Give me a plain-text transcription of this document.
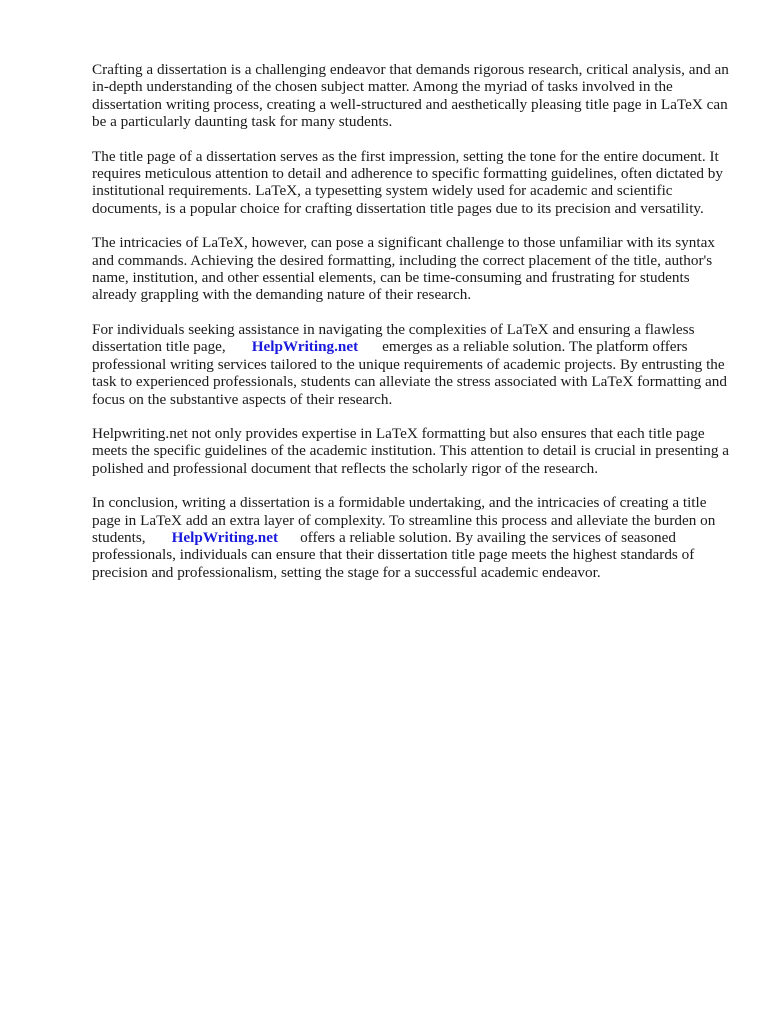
Crafting a dissertation is a challenging endeavor that demands rigorous research, critical analysis, and an in-depth understanding of the chosen subject matter. Among the myriad of tasks involved in the dissertation writing process, creating a well-structured and aesthetically pleasing title page in LaTeX can be a particularly daunting task for many students.

The title page of a dissertation serves as the first impression, setting the tone for the entire document. It requires meticulous attention to detail and adherence to specific formatting guidelines, often dictated by institutional requirements. LaTeX, a typesetting system widely used for academic and scientific documents, is a popular choice for crafting dissertation title pages due to its precision and versatility.

The intricacies of LaTeX, however, can pose a significant challenge to those unfamiliar with its syntax and commands. Achieving the desired formatting, including the correct placement of the title, author's name, institution, and other essential elements, can be time-consuming and frustrating for students already grappling with the demanding nature of their research.

For individuals seeking assistance in navigating the complexities of LaTeX and ensuring a flawless dissertation title page, HelpWriting.net emerges as a reliable solution. The platform offers professional writing services tailored to the unique requirements of academic projects. By entrusting the task to experienced professionals, students can alleviate the stress associated with LaTeX formatting and focus on the substantive aspects of their research.

Helpwriting.net not only provides expertise in LaTeX formatting but also ensures that each title page meets the specific guidelines of the academic institution. This attention to detail is crucial in presenting a polished and professional document that reflects the scholarly rigor of the research.

In conclusion, writing a dissertation is a formidable undertaking, and the intricacies of creating a title page in LaTeX add an extra layer of complexity. To streamline this process and alleviate the burden on students, HelpWriting.net offers a reliable solution. By availing the services of seasoned professionals, individuals can ensure that their dissertation title page meets the highest standards of precision and professionalism, setting the stage for a successful academic endeavor.
